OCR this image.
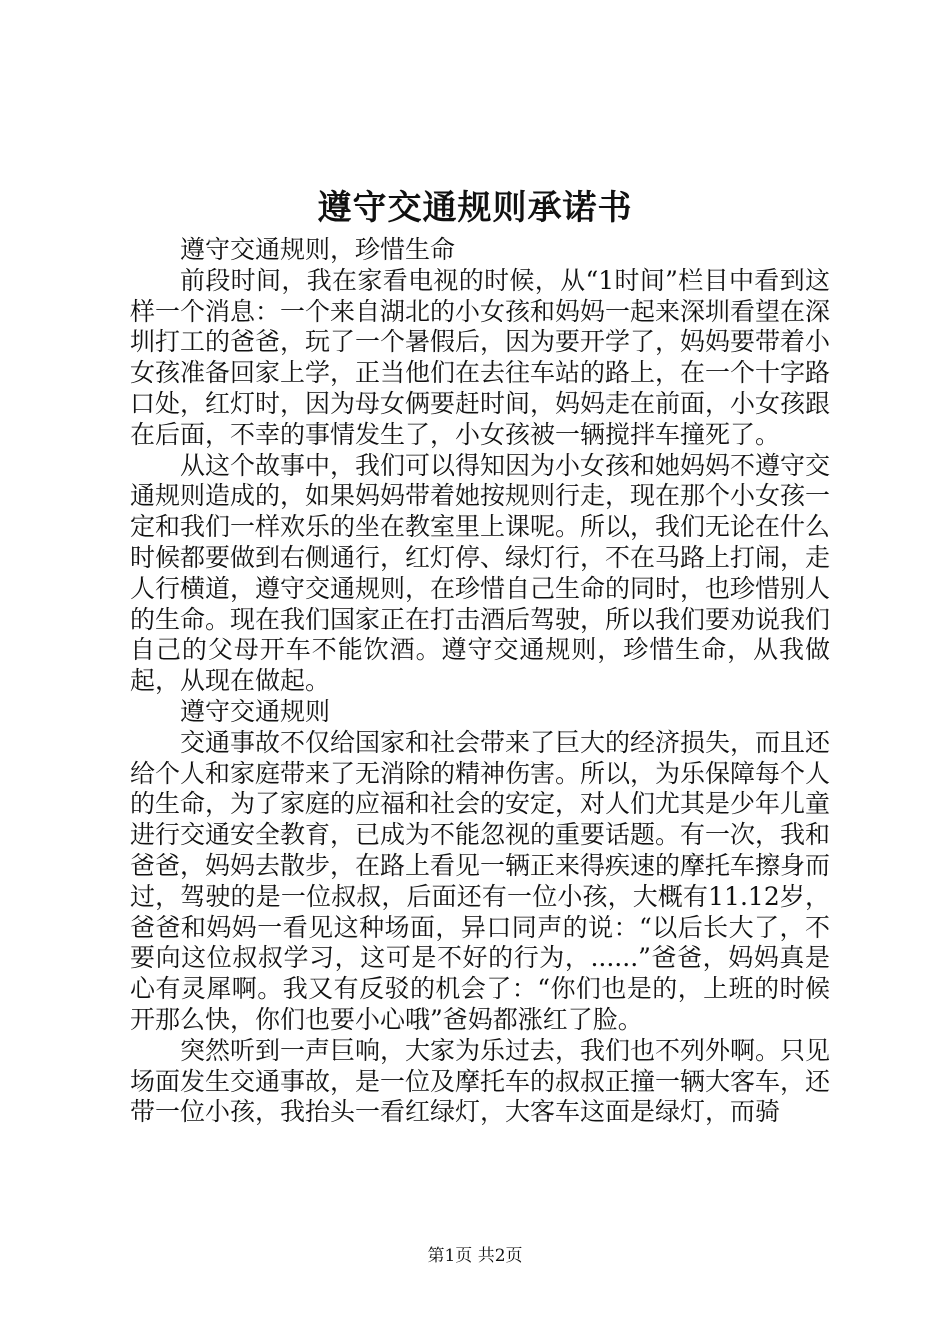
遵守交通规则承诺书

遵守交通规则，珍惜生命

前段时间，我在家看电视的时候，从“1时间”栏目中看到这样一个消息：一个来自湖北的小女孩和妈妈一起来深圳看望在深圳打工的爸爸，玩了一个暑假后，因为要开学了，妈妈要带着小女孩准备回家上学，正当他们在去往车站的路上，在一个十字路口处，红灯时，因为母女俩要赶时间，妈妈走在前面，小女孩跟在后面，不幸的事情发生了，小女孩被一辆搅拌车撞死了。

从这个故事中，我们可以得知因为小女孩和她妈妈不遵守交通规则造成的，如果妈妈带着她按规则行走，现在那个小女孩一定和我们一样欢乐的坐在教室里上课呢。所以，我们无论在什么时候都要做到右侧通行，红灯停、绿灯行，不在马路上打闹，走人行横道，遵守交通规则，在珍惜自己生命的同时，也珍惜别人的生命。现在我们国家正在打击酒后驾驶，所以我们要劝说我们自己的父母开车不能饮酒。遵守交通规则，珍惜生命，从我做起，从现在做起。

遵守交通规则

交通事故不仅给国家和社会带来了巨大的经济损失，而且还给个人和家庭带来了无消除的精神伤害。所以，为乐保障每个人的生命，为了家庭的应福和社会的安定，对人们尤其是少年儿童进行交通安全教育，已成为不能忽视的重要话题。有一次，我和爸爸，妈妈去散步，在路上看见一辆正来得疾速的摩托车擦身而过，驾驶的是一位叔叔，后面还有一位小孩，大概有11.12岁，爸爸和妈妈一看见这种场面，异口同声的说：“以后长大了，不要向这位叔叔学习，这可是不好的行为，......”爸爸，妈妈真是心有灵犀啊。我又有反驳的机会了：“你们也是的，上班的时候开那么快，你们也要小心哦”爸妈都涨红了脸。

突然听到一声巨响，大家为乐过去，我们也不列外啊。只见场面发生交通事故，是一位及摩托车的叔叔正撞一辆大客车，还带一位小孩，我抬头一看红绿灯，大客车这面是绿灯，而骑

第1页 共2页
